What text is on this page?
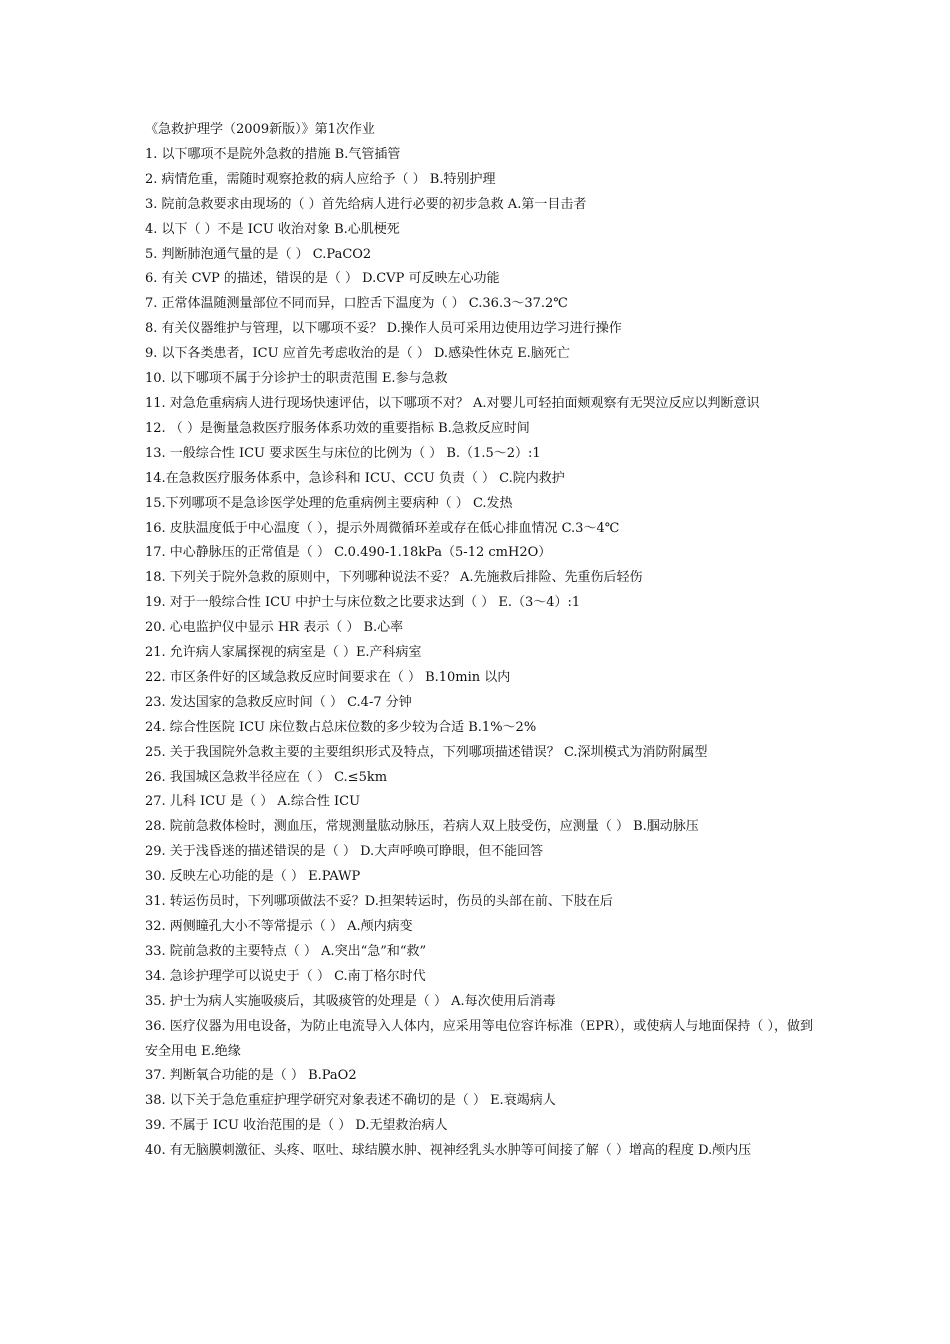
《急救护理学（2009新版）》第1次作业
1. 以下哪项不是院外急救的措施 B.气管插管
2. 病情危重，需随时观察抢救的病人应给予（ ） B.特别护理
3. 院前急救要求由现场的（ ）首先给病人进行必要的初步急救 A.第一目击者
4. 以下（ ）不是 ICU 收治对象 B.心肌梗死
5. 判断肺泡通气量的是（ ） C.PaCO2
6. 有关 CVP 的描述，错误的是（ ） D.CVP 可反映左心功能
7. 正常体温随测量部位不同而异，口腔舌下温度为（ ） C.36.3～37.2℃
8. 有关仪器维护与管理，以下哪项不妥？ D.操作人员可采用边使用边学习进行操作
9. 以下各类患者，ICU 应首先考虑收治的是（ ） D.感染性休克 E.脑死亡
10. 以下哪项不属于分诊护士的职责范围 E.参与急救
11. 对急危重病病人进行现场快速评估，以下哪项不对？ A.对婴儿可轻拍面颊观察有无哭泣反应以判断意识
12. （ ）是衡量急救医疗服务体系功效的重要指标 B.急救反应时间
13. 一般综合性 ICU 要求医生与床位的比例为（ ） B.（1.5～2）:1
14.在急救医疗服务体系中，急诊科和 ICU、CCU 负责（ ） C.院内救护
15.下列哪项不是急诊医学处理的危重病例主要病种（ ） C.发热
16. 皮肤温度低于中心温度（ ），提示外周微循环差或存在低心排血情况 C.3～4℃
17. 中心静脉压的正常值是（ ） C.0.490-1.18kPa（5-12 cmH2O）
18. 下列关于院外急救的原则中，下列哪种说法不妥？ A.先施救后排险、先重伤后轻伤
19. 对于一般综合性 ICU 中护士与床位数之比要求达到（ ） E.（3～4）:1
20. 心电监护仪中显示 HR 表示（ ） B.心率
21. 允许病人家属探视的病室是（ ）E.产科病室
22. 市区条件好的区域急救反应时间要求在（ ） B.10min 以内
23. 发达国家的急救反应时间（ ） C.4-7 分钟
24. 综合性医院 ICU 床位数占总床位数的多少较为合适 B.1%～2%
25. 关于我国院外急救主要的主要组织形式及特点，下列哪项描述错误？ C.深圳模式为消防附属型
26. 我国城区急救半径应在（ ） C.≤5km
27. 儿科 ICU 是（ ） A.综合性 ICU
28. 院前急救体检时，测血压，常规测量肱动脉压，若病人双上肢受伤，应测量（ ） B.腘动脉压
29. 关于浅昏迷的描述错误的是（ ） D.大声呼唤可睁眼，但不能回答
30. 反映左心功能的是（ ） E.PAWP
31. 转运伤员时，下列哪项做法不妥？D.担架转运时，伤员的头部在前、下肢在后
32. 两侧瞳孔大小不等常提示（ ） A.颅内病变
33. 院前急救的主要特点（ ） A.突出“急”和“救”
34. 急诊护理学可以说史于（ ） C.南丁格尔时代
35. 护士为病人实施吸痰后，其吸痰管的处理是（ ） A.每次使用后消毒
36. 医疗仪器为用电设备，为防止电流导入人体内，应采用等电位容许标准（EPR），或使病人与地面保持（ ），做到安全用电 E.绝缘
37. 判断氧合功能的是（ ） B.PaO2
38. 以下关于急危重症护理学研究对象表述不确切的是（ ） E.衰竭病人
39. 不属于 ICU 收治范围的是（ ） D.无望救治病人
40. 有无脑膜刺激征、头疼、呕吐、球结膜水肿、视神经乳头水肿等可间接了解（ ）增高的程度 D.颅内压
